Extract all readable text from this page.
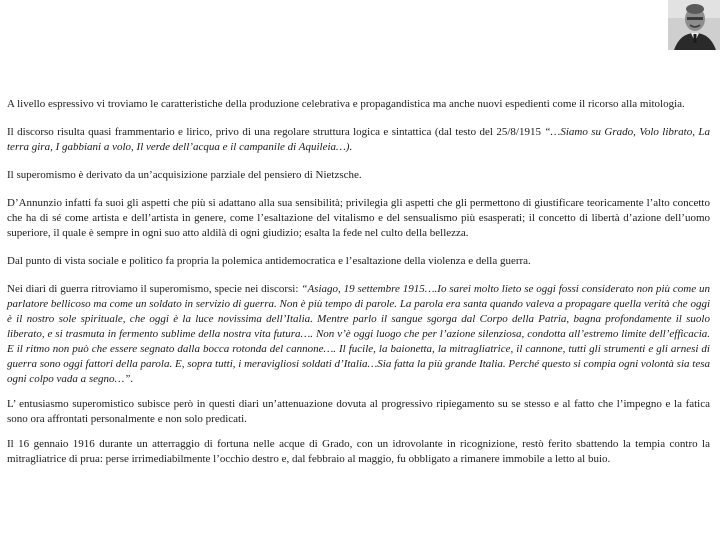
A livello espressivo vi troviamo le caratteristiche della produzione celebrativa e propagandistica ma anche nuovi espedienti come il ricorso alla mitologia.

Il discorso risulta quasi frammentario e lirico, privo di una regolare struttura logica e sintattica (dal testo del 25/8/1915 “…Siamo su Grado, Volo librato, La terra gira, I gabbiani a volo, Il verde dell’acqua e il campanile di Aquileia…).

Il superomismo è derivato da un’acquisizione parziale del pensiero di Nietzsche.

D’Annunzio infatti fa suoi gli aspetti che più si adattano alla sua sensibilità; privilegia gli aspetti che gli permettono di giustificare teoricamente l’alto concetto che ha di sé come artista e dell’artista in genere, come l’esaltazione del vitalismo e del sensualismo più esasperati; il concetto di libertà d’azione dell’uomo superiore, il quale è sempre in ogni suo atto aldilà di ogni giudizio; esalta la fede nel culto della bellezza.

Dal punto di vista sociale e politico fa propria la polemica antidemocratica e l’esaltazione della violenza e della guerra.

Nei diari di guerra ritroviamo il superomismo, specie nei discorsi: “Asiago, 19 settembre 1915….Io sarei molto lieto se oggi fossi considerato non più come un parlatore bellicoso ma come un soldato in servizio di guerra. Non è più tempo di parole. La parola era santa quando valeva a propagare quella verità che oggi è il nostro sole spirituale, che oggi è la luce novissima dell’Italia. Mentre parlo il sangue sgorga dal Corpo della Patria, bagna profondamente il suolo liberato, e si trasmuta in fermento sublime della nostra vita futura…. Non v’è oggi luogo che per l’azione silenziosa, condotta all’estremo limite dell’efficacia. E il ritmo non può che essere segnato dalla bocca rotonda del cannone…. Il fucile, la baionetta, la mitragliatrice, il cannone, tutti gli strumenti e gli arnesi di guerra sono oggi fattori della parola. E, sopra tutti, i meravigliosi soldati d’Italia…Sia fatta la più grande Italia. Perché questo si compia ogni volontà sia tesa ogni colpo vada a segno…”.

L’ entusiasmo superomistico subisce però in questi diari un’attenuazione dovuta al progressivo ripiegamento su se stesso e al fatto che l’impegno e la fatica sono ora affrontati personalmente e non solo predicati.

Il 16 gennaio 1916 durante un atterraggio di fortuna nelle acque di Grado, con un idrovolante in ricognizione, restò ferito sbattendo la tempia contro la mitragliatrice di prua: perse irrimediabilmente l’occhio destro e, dal febbraio al maggio, fu obbligato a rimanere immobile a letto al buio.
